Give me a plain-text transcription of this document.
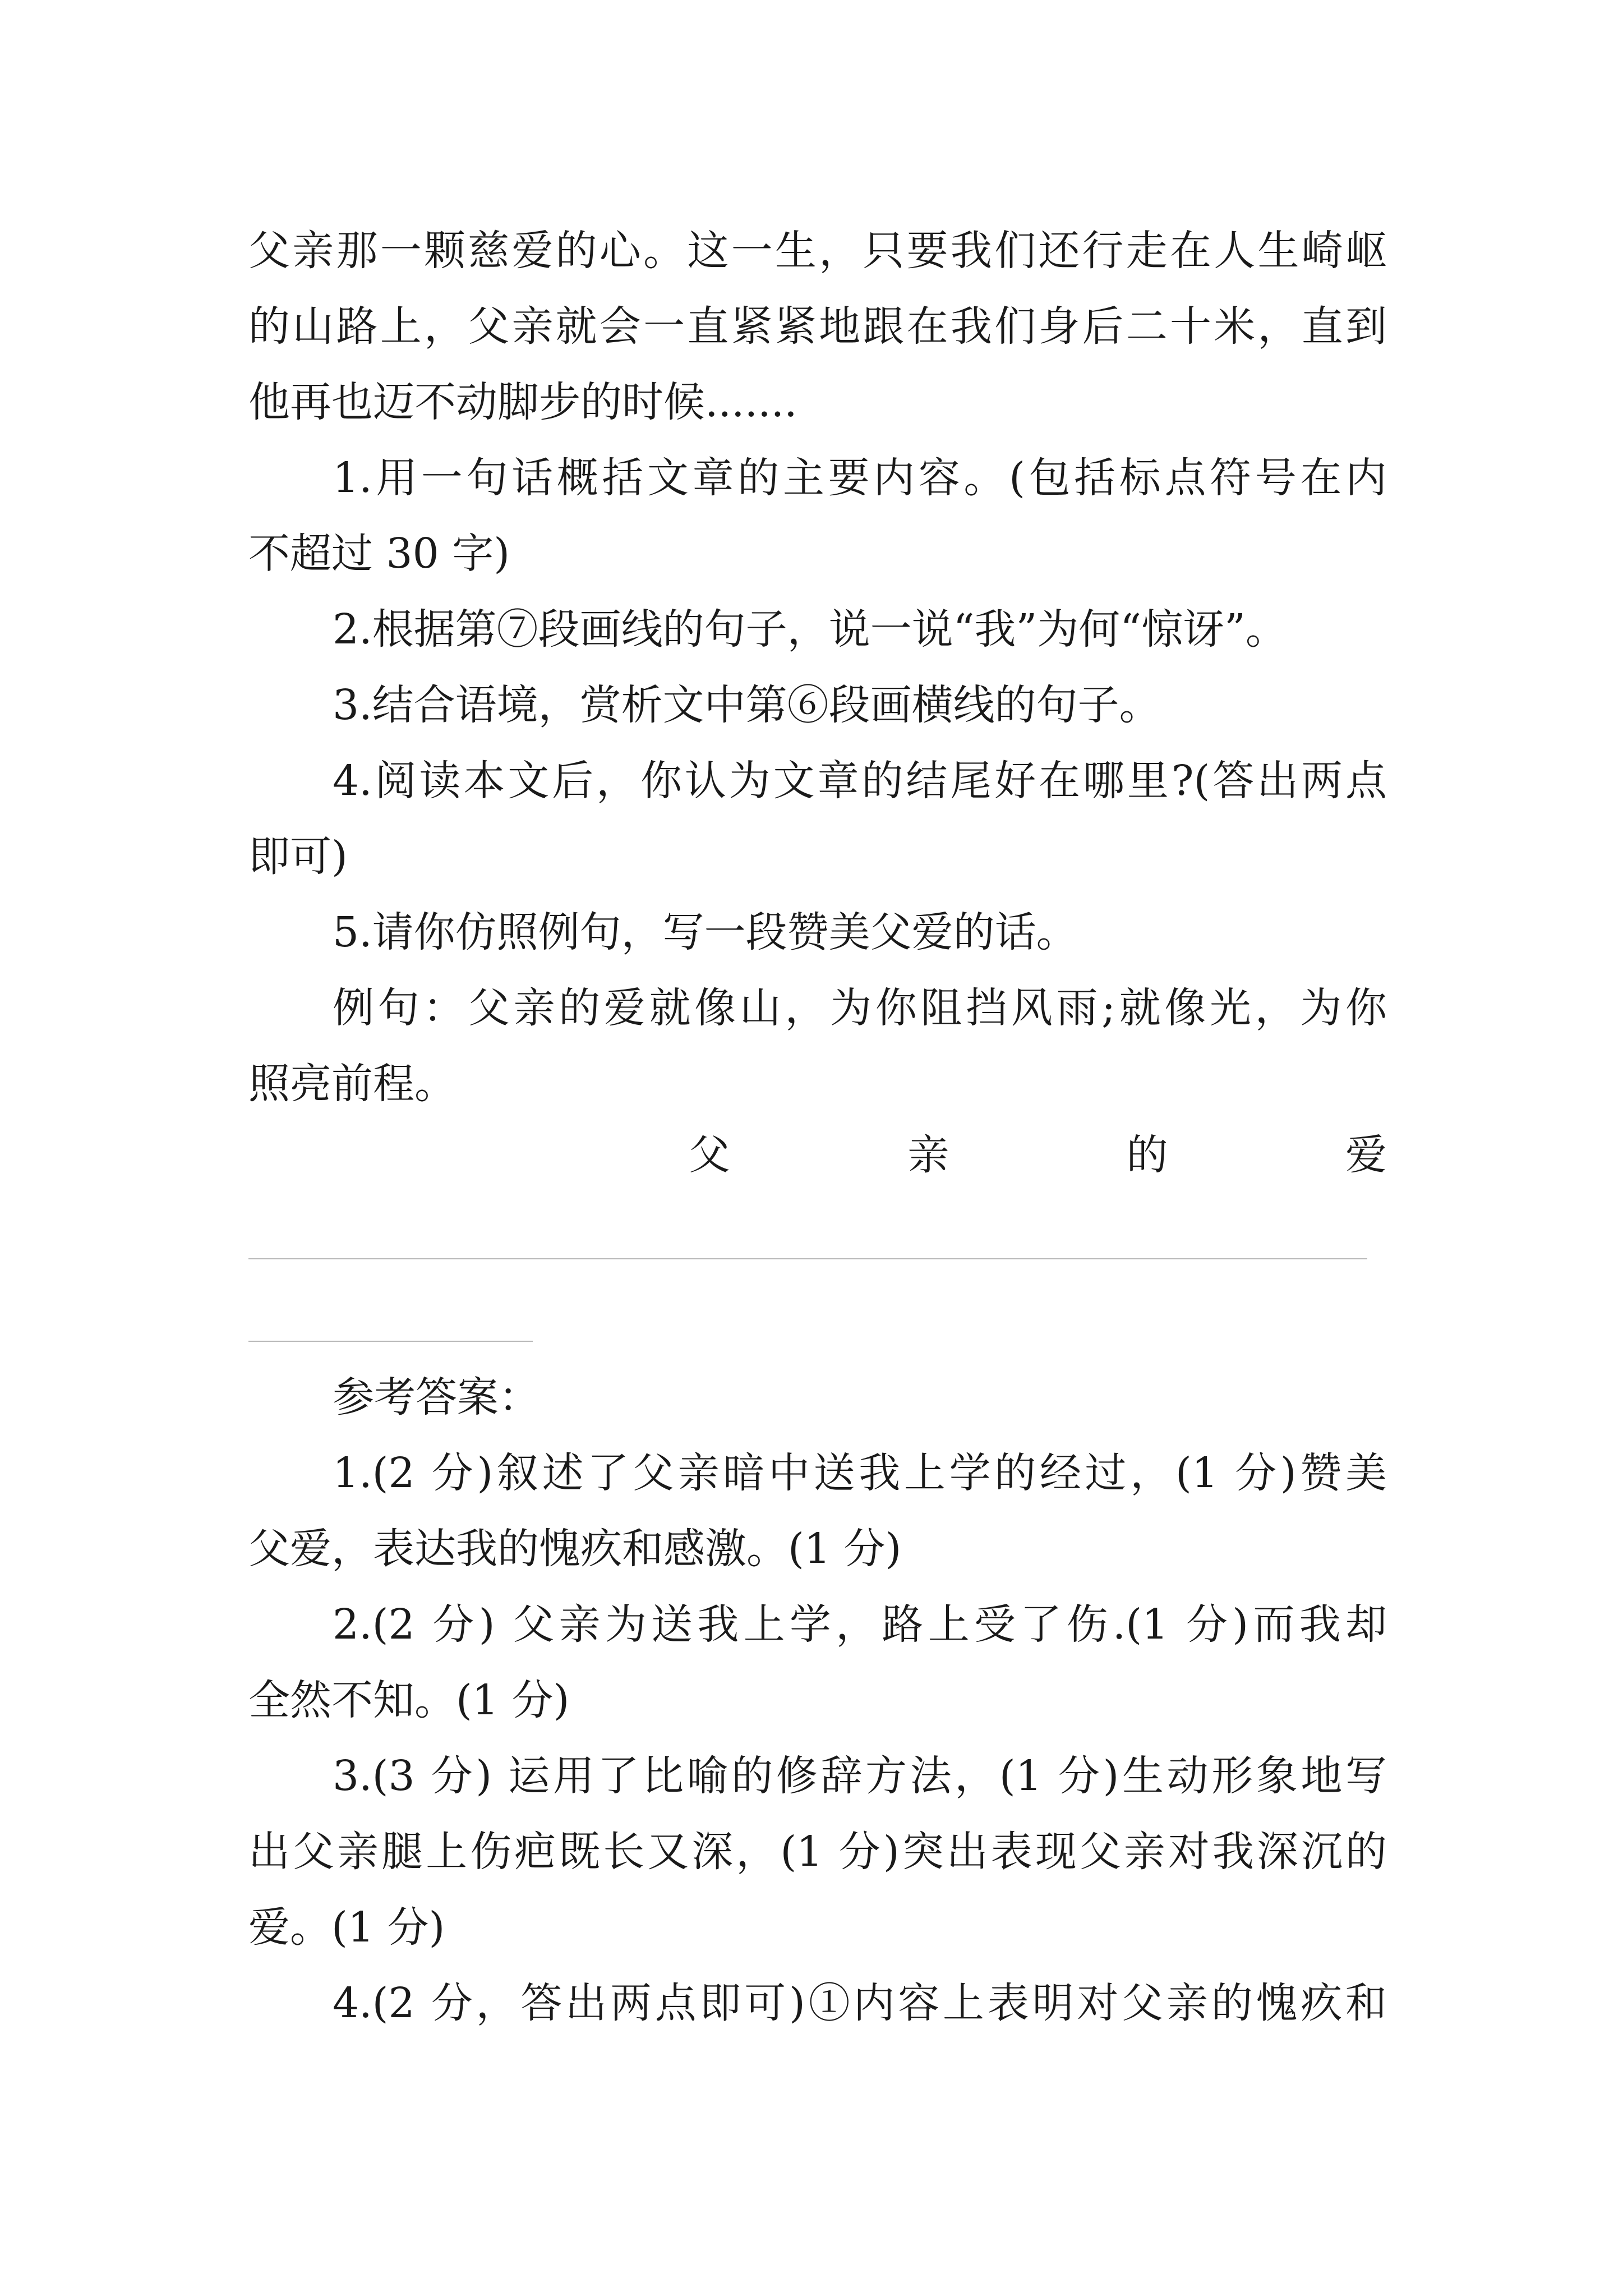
父亲那一颗慈爱的心。这一生，只要我们还行走在人生崎岖
的山路上，父亲就会一直紧紧地跟在我们身后二十米，直到
他再也迈不动脚步的时候.......
1.用一句话概括文章的主要内容。(包括标点符号在内
不超过 30 字)
2.根据第⑦段画线的句子，说一说“我”为何“惊讶”。
3.结合语境，赏析文中第⑥段画横线的句子。
4.阅读本文后，你认为文章的结尾好在哪里?(答出两点
即可)
5.请你仿照例句，写一段赞美父爱的话。
例句：父亲的爱就像山，为你阻挡风雨;就像光，为你
照亮前程。
父	亲	的	爱
参考答案：
1.(2 分)叙述了父亲暗中送我上学的经过，(1 分)赞美
父爱，表达我的愧疚和感激。(1 分)
2.(2 分) 父亲为送我上学，路上受了伤.(1 分)而我却
全然不知。(1 分)
3.(3 分) 运用了比喻的修辞方法，(1 分)生动形象地写
出父亲腿上伤疤既长又深，(1 分)突出表现父亲对我深沉的
爱。(1 分)
4.(2 分，答出两点即可)①内容上表明对父亲的愧疚和
